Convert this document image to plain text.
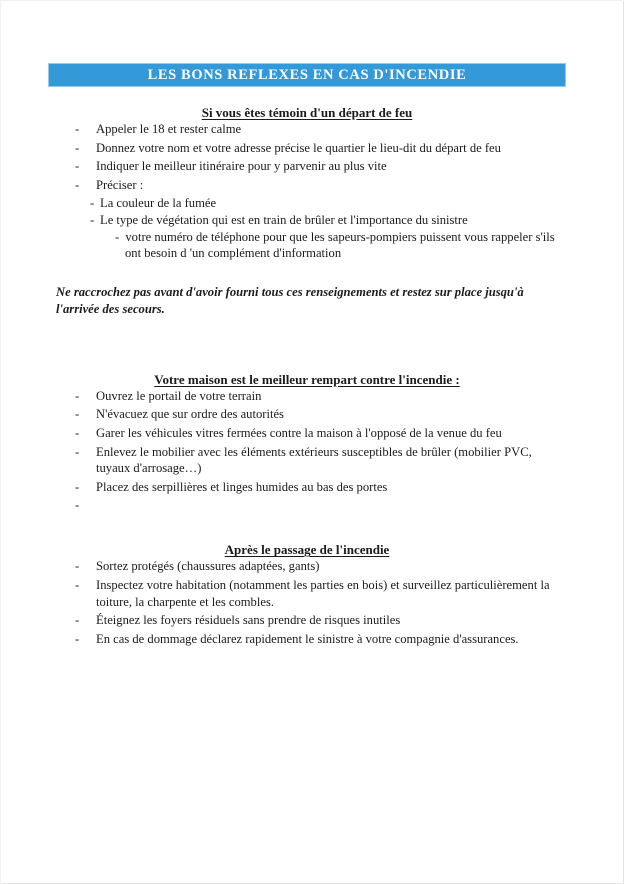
LES BONS REFLEXES EN CAS D'INCENDIE
Si vous êtes témoin d'un départ de feu
- Appeler le 18 et rester calme
- Donnez votre nom et votre adresse précise le quartier le lieu-dit du départ de feu
- Indiquer le meilleur itinéraire pour y parvenir au plus vite
- Préciser :
- La couleur de la fumée
- Le type de végétation qui est en train de brûler et l'importance du sinistre
- votre numéro de téléphone pour que les sapeurs-pompiers puissent vous rappeler s'ils ont besoin d 'un complément d'information

Ne raccrochez pas avant d'avoir fourni tous ces renseignements et restez sur place jusqu'à l'arrivée des secours.

Votre maison est le meilleur rempart contre l'incendie :
- Ouvrez le portail de votre terrain
- N'évacuez que sur ordre des autorités
- Garer les véhicules vitres fermées contre la maison à l'opposé de la venue du feu
- Enlevez le mobilier avec les éléments extérieurs susceptibles de brûler (mobilier PVC, tuyaux d'arrosage…)
- Placez des serpillières et linges humides au bas des portes
-
Après le passage de l'incendie
- Sortez protégés (chaussures adaptées, gants)
- Inspectez votre habitation (notamment les parties en bois) et surveillez particulièrement la toiture, la charpente et les combles.
- Éteignez les foyers résiduels sans prendre de risques inutiles
- En cas de dommage déclarez rapidement le sinistre à votre compagnie d'assurances.
